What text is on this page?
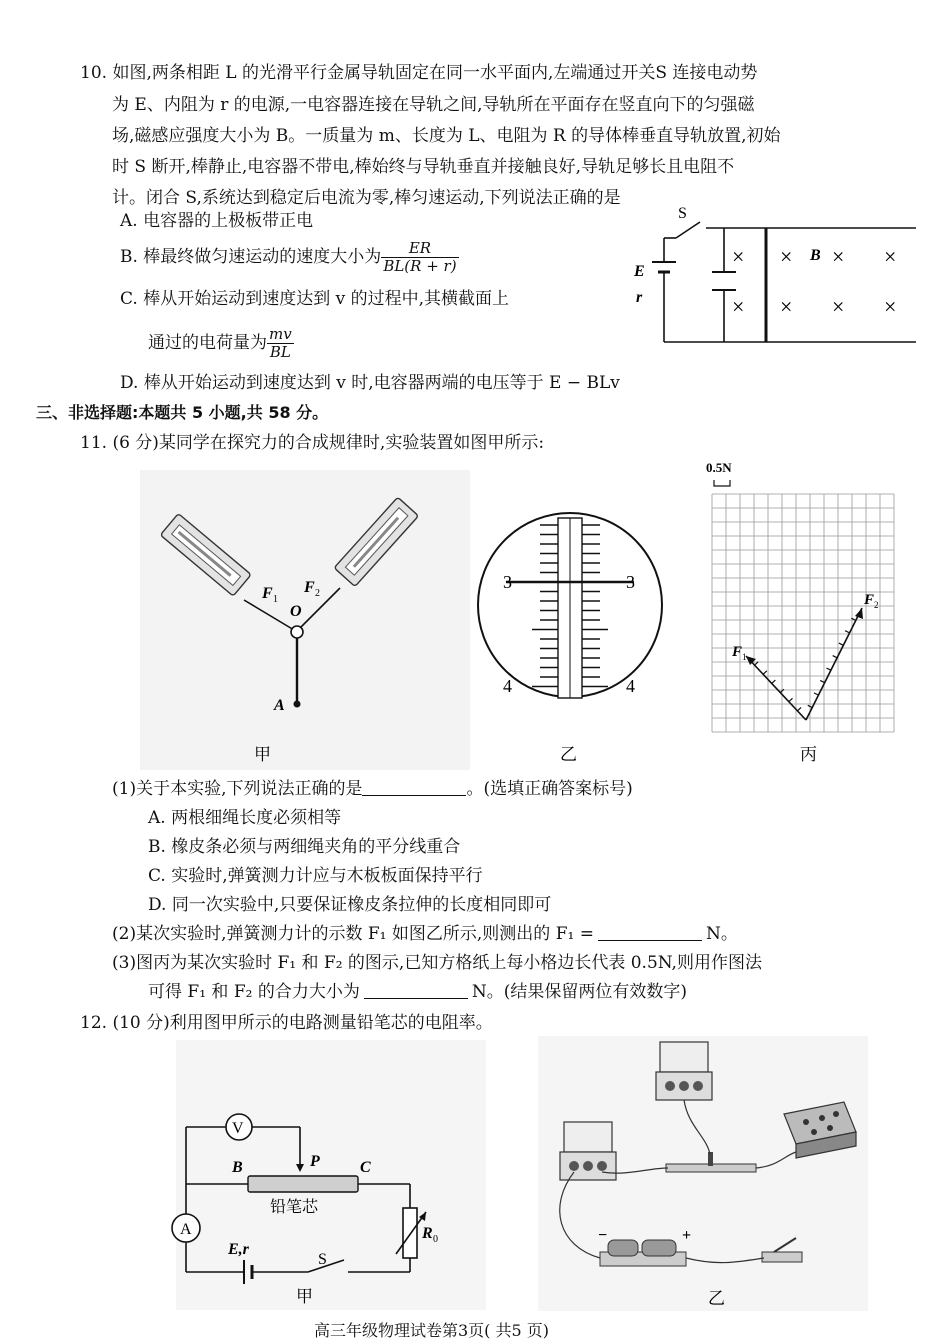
10. 如图,两条相距 L 的光滑平行金属导轨固定在同一水平面内,左端通过开关S 连接电动势
为 E、内阻为 r 的电源,一电容器连接在导轨之间,导轨所在平面存在竖直向下的匀强磁
场,磁感应强度大小为 B。一质量为 m、长度为 L、电阻为 R 的导体棒垂直导轨放置,初始
时 S 断开,棒静止,电容器不带电,棒始终与导轨垂直并接触良好,导轨足够长且电阻不
计。闭合 S,系统达到稳定后电流为零,棒匀速运动,下列说法正确的是
A. 电容器的上极板带正电
B. 棒最终做匀速运动的速度大小为 $\frac{ER}{BL(R + r)}$
C. 棒从开始运动到速度达到 v 的过程中,其横截面上
通过的电荷量为 $\frac{mv}{BL}$
D. 棒从开始运动到速度达到 v 时,电容器两端的电压等于 E − BLv
S
E
r
× × B × ×
× × × ×
三、非选择题:本题共 5 小题,共 58 分。
11. (6 分)某同学在探究力的合成规律时,实验装置如图甲所示:
F 1
F 2
O
A
甲
3	3
4	4
乙
0.5N
F 1
F 2
丙
(1)关于本实验,下列说法正确的是	。(选填正确答案标号)
A. 两根细绳长度必须相等
B. 橡皮条必须与两细绳夹角的平分线重合
C. 实验时,弹簧测力计应与木板板面保持平行
D. 同一次实验中,只要保证橡皮条拉伸的长度相同即可
(2)某次实验时,弹簧测力计的示数 F₁ 如图乙所示,则测出的 F₁ =	N。
(3)图丙为某次实验时 F₁ 和 F₂ 的图示,已知方格纸上每小格边长代表 0.5N,则用作图法
可得 F₁ 和 F₂ 的合力大小为	N。(结果保留两位有效数字)
12. (10 分)利用图甲所示的电路测量铅笔芯的电阻率。
V
A
B	P	C
铅笔芯
R 0
E,r
S
甲
−	+
乙
高三年级物理试卷第3页( 共5 页)
